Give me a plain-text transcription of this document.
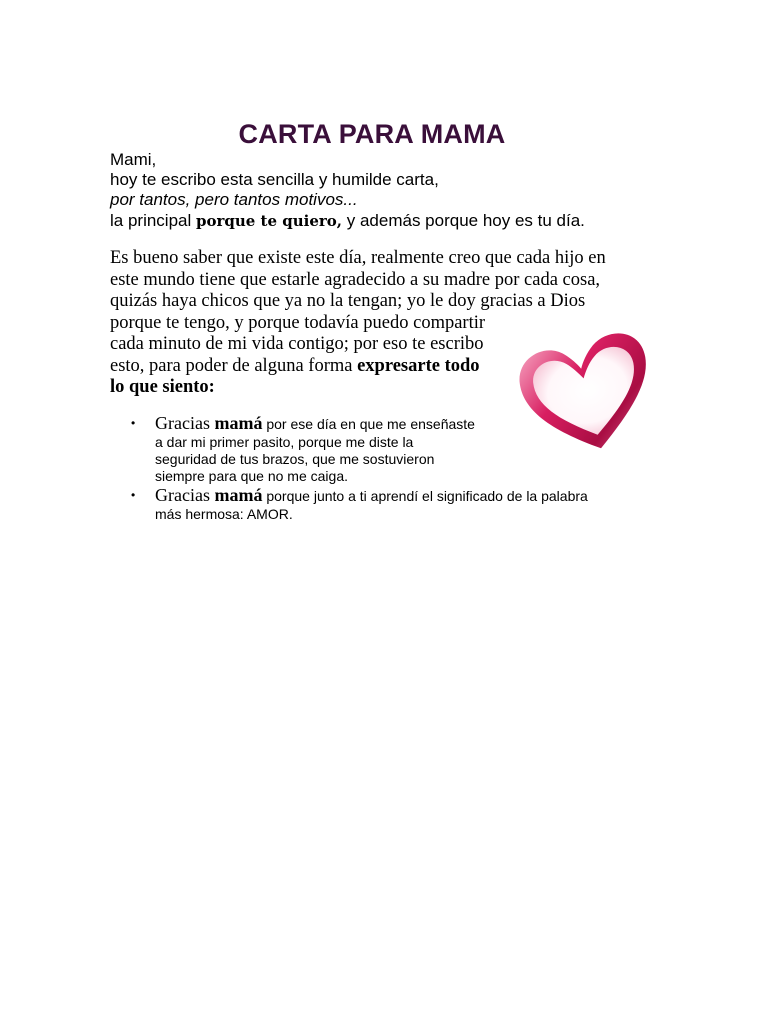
CARTA PARA MAMA

Mami,

hoy te escribo esta sencilla y humilde carta,

por tantos, pero tantos motivos...

la principal porque te quiero, y además porque hoy es tu día.

Es bueno saber que existe este día, realmente creo que cada hijo en

este mundo tiene que estarle agradecido a su madre por cada cosa,

quizás haya chicos que ya no la tengan; yo le doy gracias a Dios

porque te tengo, y porque todavía puedo compartir

cada minuto de mi vida contigo; por eso te escribo

esto, para poder de alguna forma expresarte todo

lo que siento:

• Gracias mamá por ese día en que me enseñaste
a dar mi primer pasito, porque me diste la
seguridad de tus brazos, que me sostuvieron
siempre para que no me caiga.
• Gracias mamá porque junto a ti aprendí el significado de la palabra
más hermosa: AMOR.
